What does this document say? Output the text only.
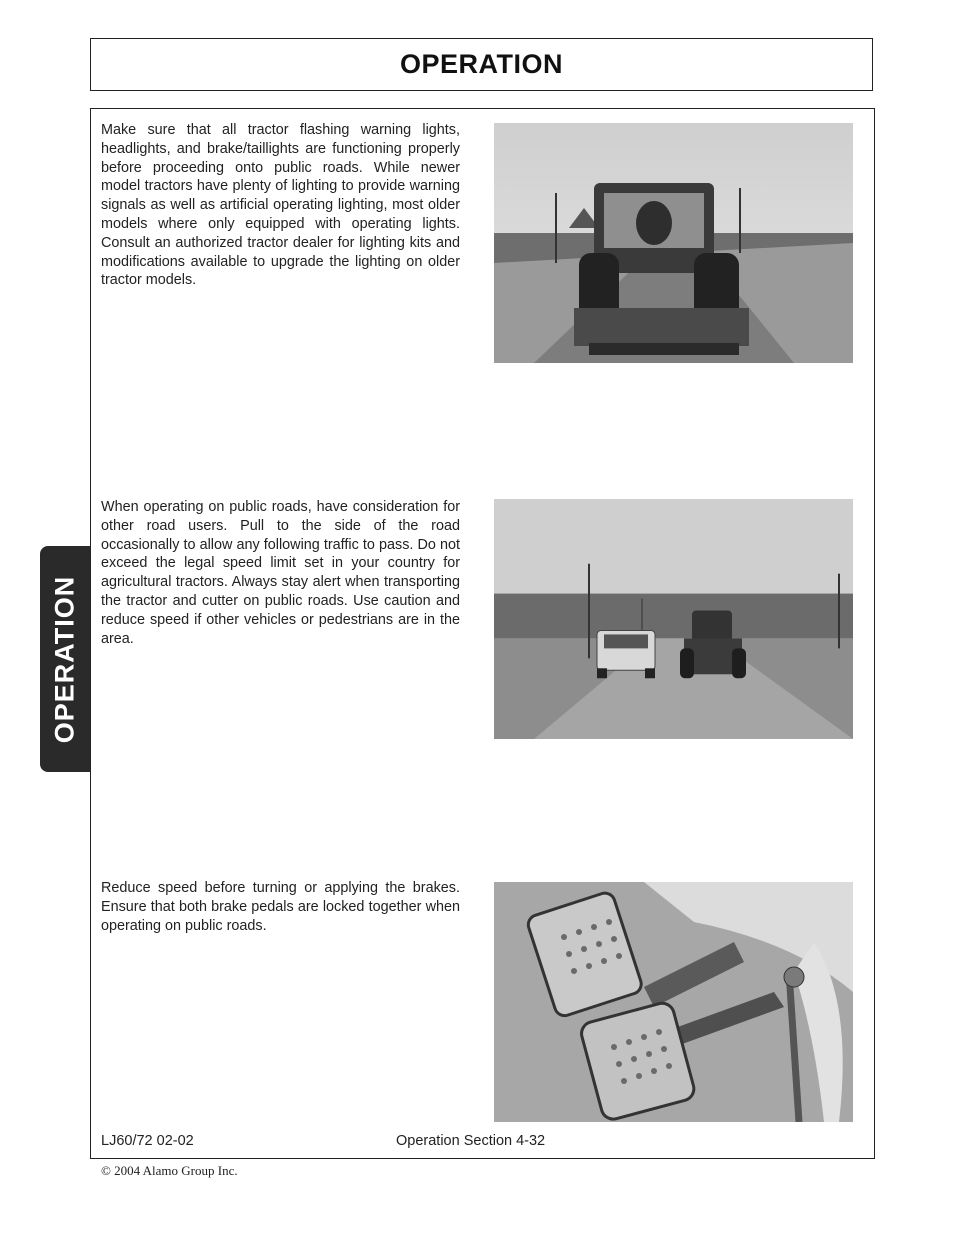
OPERATION
OPERATION

Make sure that all tractor flashing warning lights, headlights, and brake/taillights are functioning properly before proceeding onto public roads. While newer model tractors have plenty of lighting to provide warning signals as well as artificial operating lighting, most older models where only equipped with operating lights. Consult an authorized tractor dealer for lighting kits and modifications available to upgrade the lighting on older tractor models.

When operating on public roads, have consideration for other road users. Pull to the side of the road occasionally to allow any following traffic to pass. Do not exceed the legal speed limit set in your country for agricultural tractors. Always stay alert when transporting the tractor and cutter on public roads. Use caution and reduce speed if other vehicles or pedestrians are in the area.

Reduce speed before turning or applying the brakes. Ensure that both brake pedals are locked together when operating on public roads.

LJ60/72 02-02	Operation Section 4-32
© 2004 Alamo Group Inc.
